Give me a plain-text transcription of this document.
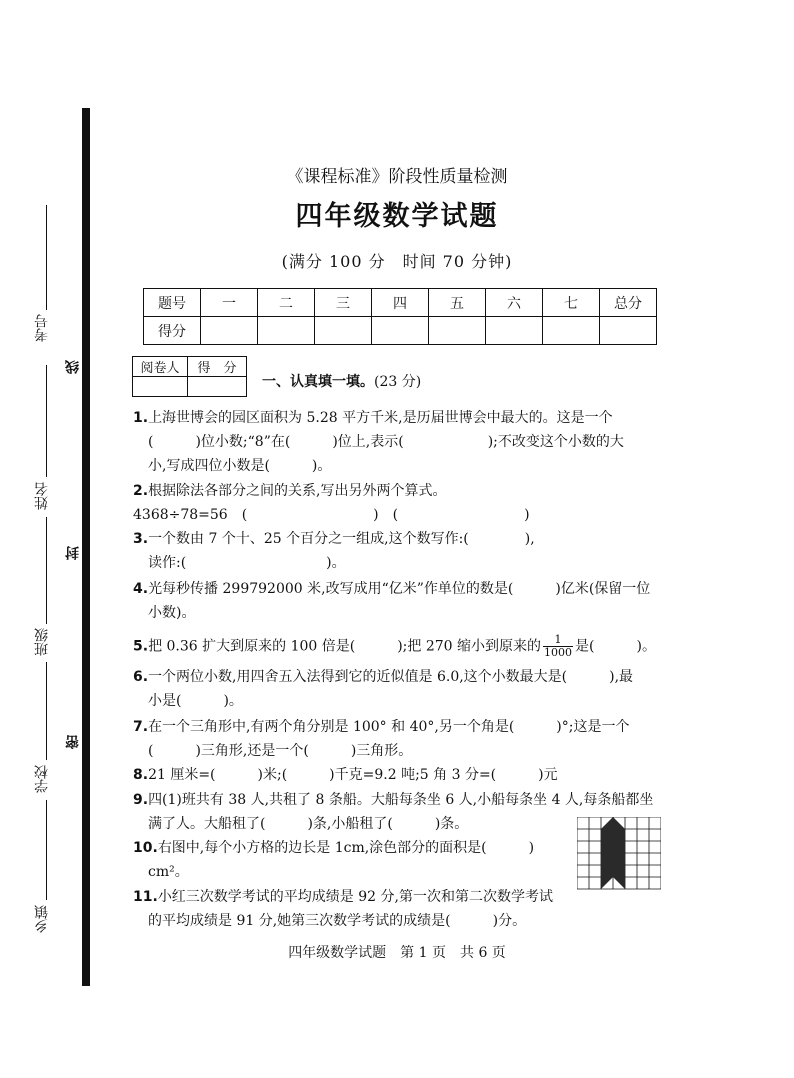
考号
姓名
班级
学校
乡镇
线
封
密
《课程标准》阶段性质量检测
四年级数学试题
(满分 100 分　时间 70 分钟)
题号	一	二	三	四	五	六	七	总分
得分								
阅卷人	得　分

一、认真填一填。(23 分)
1.上海世博会的园区面积为 5.28 平方千米,是历届世博会中最大的。这是一个
(　　　)位小数;“8”在(　　　)位上,表示(　　　　　　);不改变这个小数的大
小,写成四位小数是(　　　)。
2.根据除法各部分之间的关系,写出另外两个算式。
4368÷78=56　(　　　　　　　　　)　(　　　　　　　　　)
3.一个数由 7 个十、25 个百分之一组成,这个数写作:(　　　　),
读作:(　　　　　　　　　　)。
4.光每秒传播 299792000 米,改写成用“亿米”作单位的数是(　　　)亿米(保留一位
小数)。
5.把 0.36 扩大到原来的 100 倍是(　　　);把 270 缩小到原来的 $\frac{1}{1000}$ 是(　　　)。
6.一个两位小数,用四舍五入法得到它的近似值是 6.0,这个小数最大是(　　　),最
小是(　　　)。
7.在一个三角形中,有两个角分别是 100° 和 40°,另一个角是(　　　)°;这是一个
(　　　)三角形,还是一个(　　　)三角形。
8.21 厘米=(　　　)米;(　　　)千克=9.2 吨;5 角 3 分=(　　　)元
9.四(1)班共有 38 人,共租了 8 条船。大船每条坐 6 人,小船每条坐 4 人,每条船都坐
满了人。大船租了(　　　)条,小船租了(　　　)条。
10.右图中,每个小方格的边长是 1cm,涂色部分的面积是(　　　)
cm²。
11.小红三次数学考试的平均成绩是 92 分,第一次和第二次数学考试
的平均成绩是 91 分,她第三次数学考试的成绩是(　　　)分。
四年级数学试题　第 1 页　共 6 页
